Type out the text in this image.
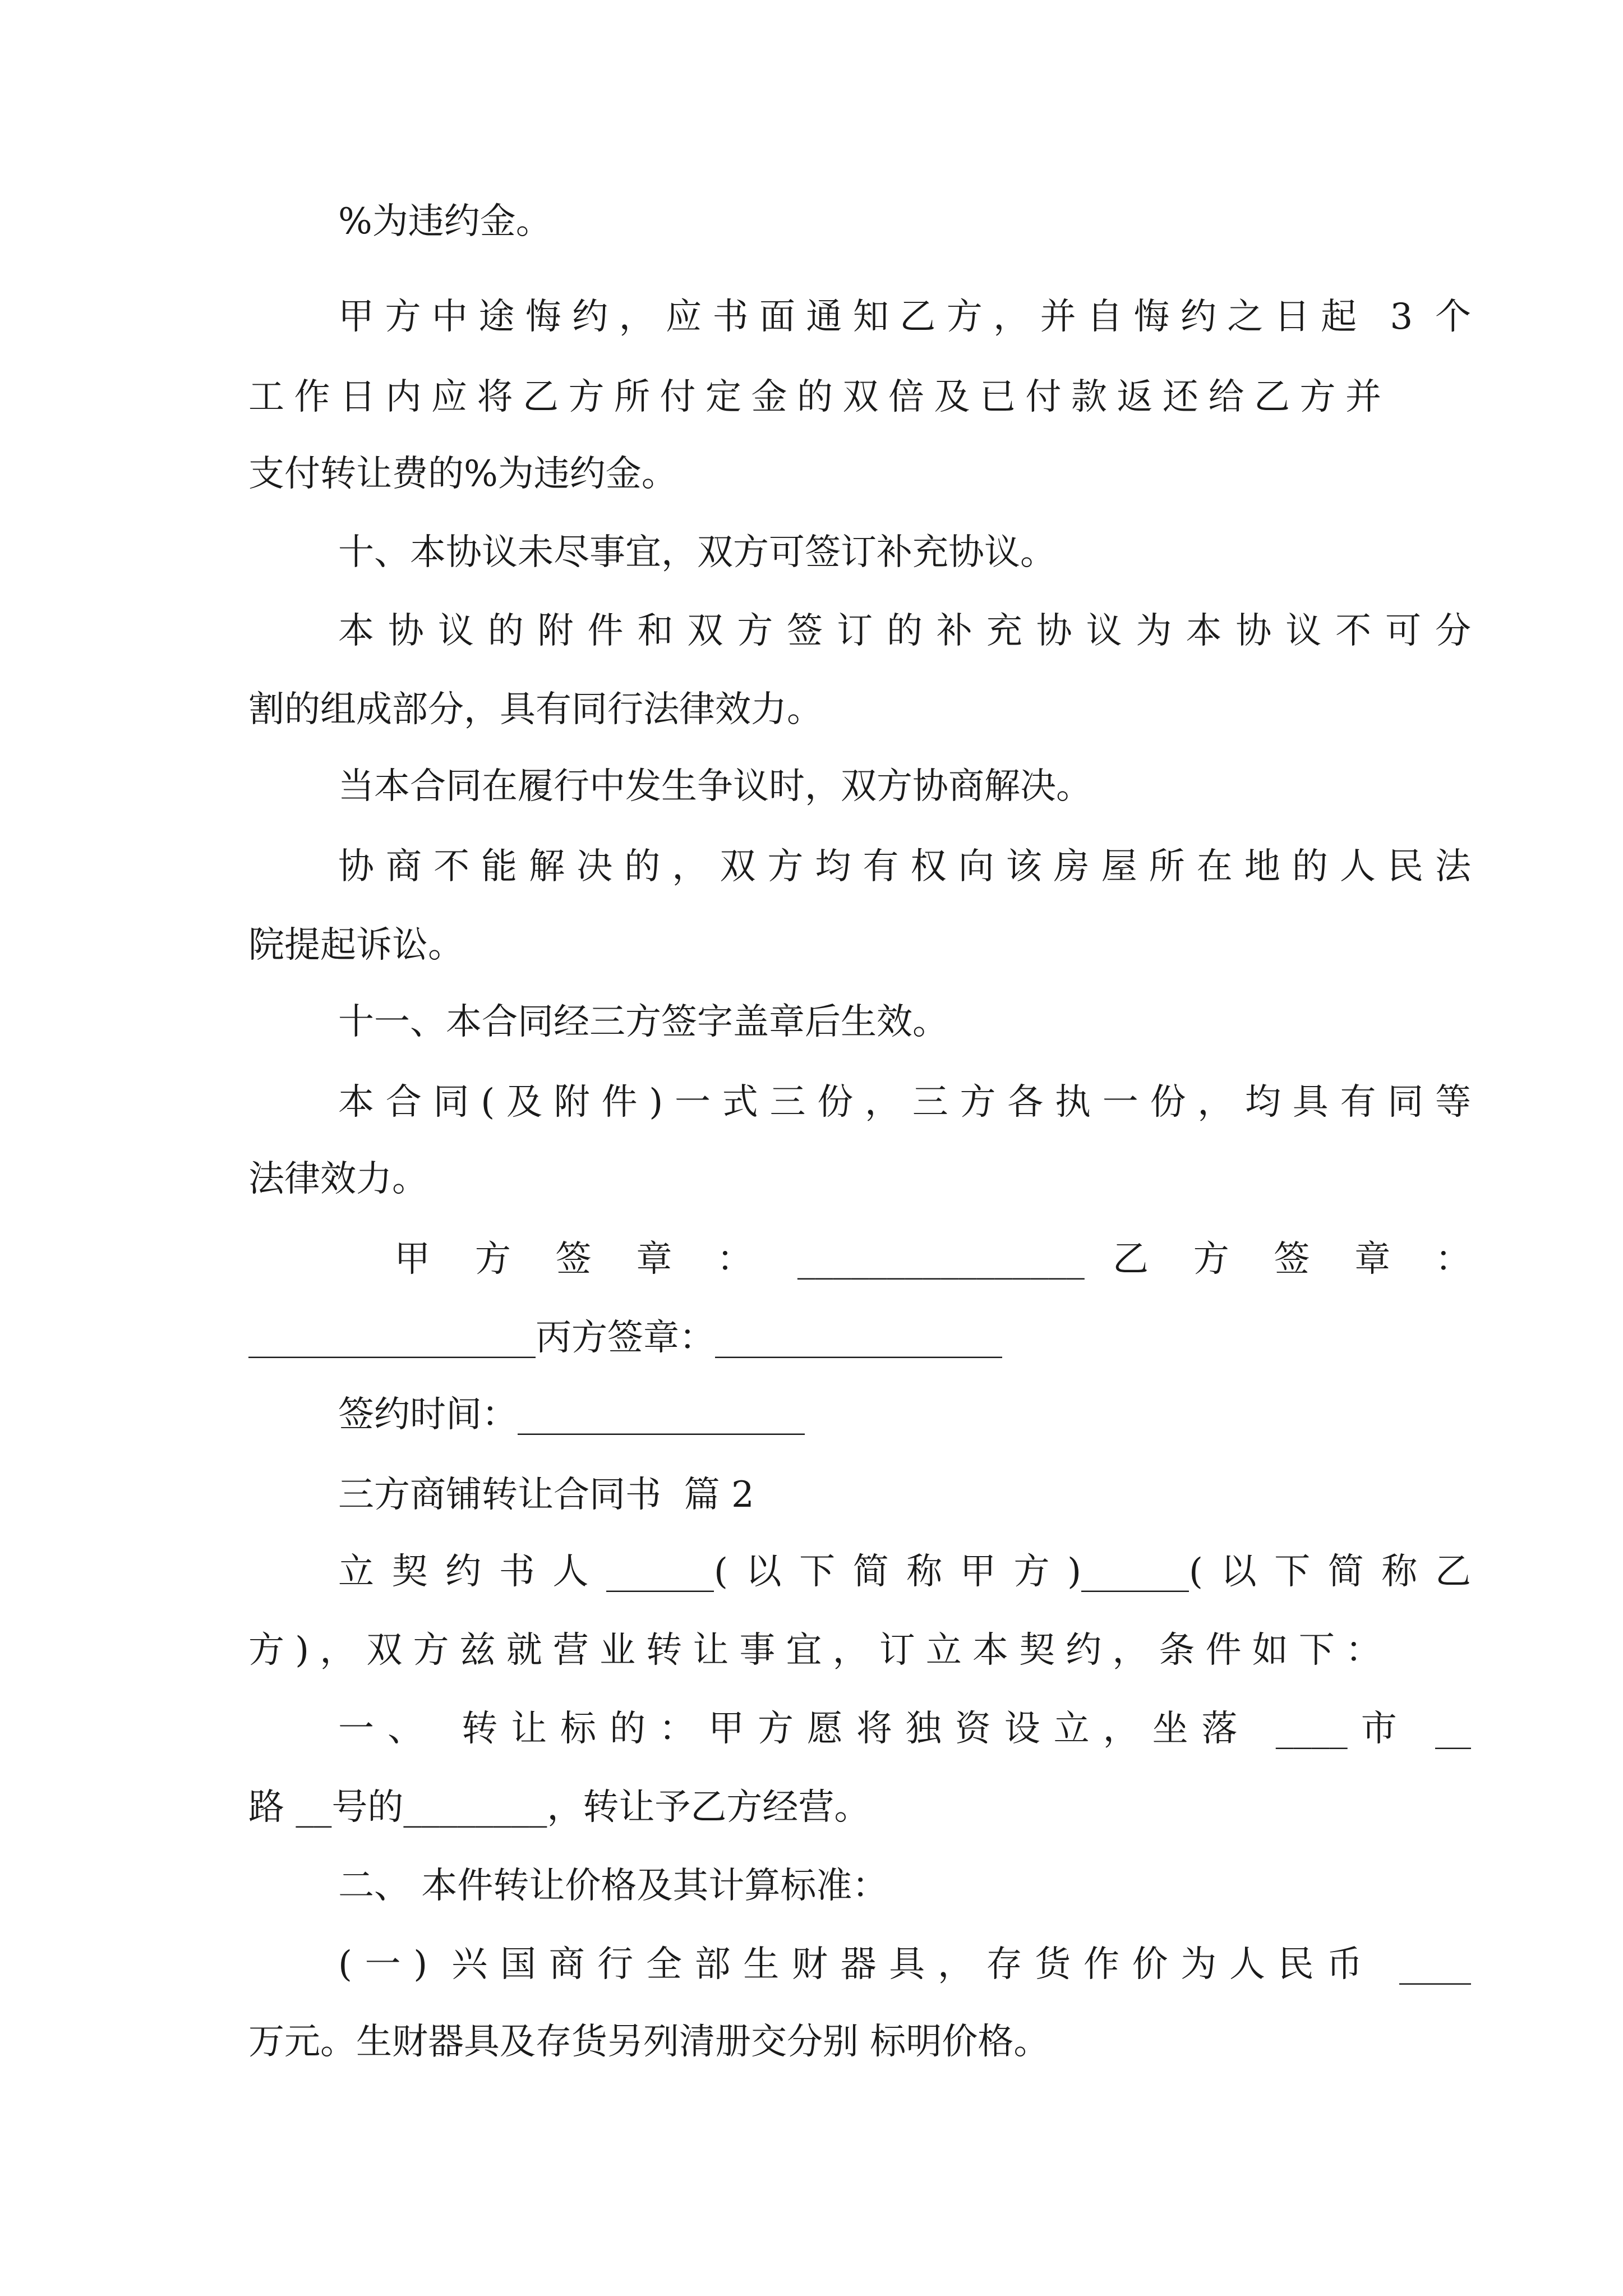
%为违约金。

甲方中途悔约，应书面通知乙方，并自悔约之日起 3 个

工作日内应将乙方所付定金的双倍及已付款返还给乙方并

支付转让费的%为违约金。

十、本协议未尽事宜，双方可签订补充协议。

本协议的附件和双方签订的补充协议为本协议不可分

割的组成部分，具有同行法律效力。

当本合同在履行中发生争议时，双方协商解决。

协商不能解决的，双方均有权向该房屋所在地的人民法

院提起诉讼。

十一、本合同经三方签字盖章后生效。

本合同(及附件)一式三份，三方各执一份，均具有同等

法律效力。

甲 方 签 章 ： ________________ 乙 方 签 章 ：

________________丙方签章：________________

签约时间：________________

三方商铺转让合同书  篇 2

立契约书人______(以下简称甲方)______(以下简称乙

方)，双方兹就营业转让事宜，订立本契约，条件如下：

一、 转让标的：甲方愿将独资设立，坐落 ____市 __

路 __号的________，转让予乙方经营。

二、 本件转让价格及其计算标准：

(一) 兴国商行全部生财器具，存货作价为人民币 ____

万元。生财器具及存货另列清册交分别 标明价格。
